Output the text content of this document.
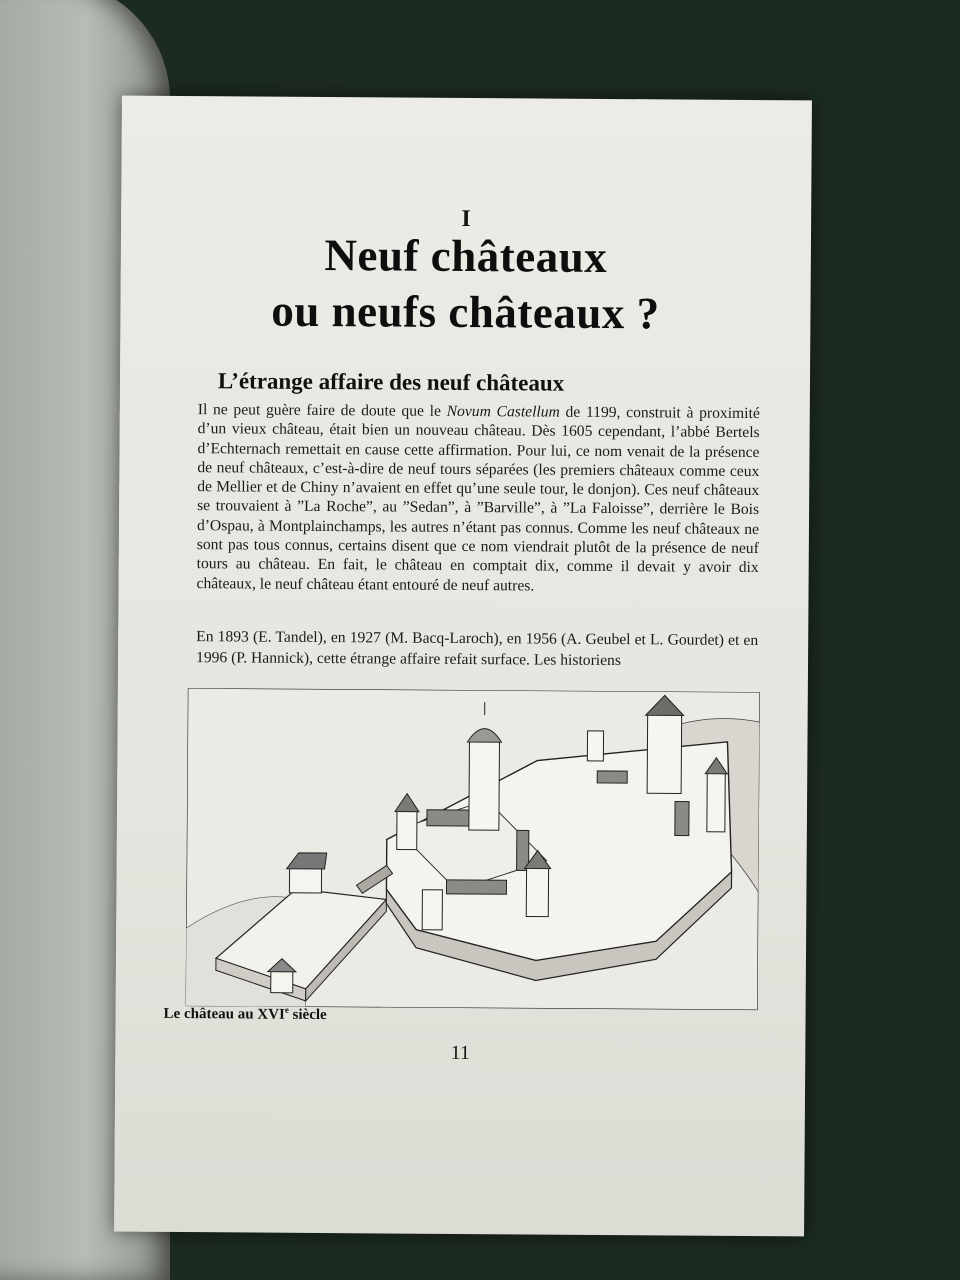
I
Neuf châteaux
ou neufs châteaux ?
L’étrange affaire des neuf châteaux

Il ne peut guère faire de doute que le Novum Castellum de 1199, construit à proximité d’un vieux château, était bien un nouveau château. Dès 1605 cependant, l’abbé Bertels d’Echternach remettait en cause cette affirmation. Pour lui, ce nom venait de la présence de neuf châteaux, c’est-à-dire de neuf tours séparées (les premiers châteaux comme ceux de Mellier et de Chiny n’avaient en effet qu’une seule tour, le donjon). Ces neuf châteaux se trouvaient à ”La Roche”, au ”Sedan”, à ”Barville”, à ”La Faloisse”, derrière le Bois d’Ospau, à Montplainchamps, les autres n’étant pas connus. Comme les neuf châteaux ne sont pas tous connus, certains disent que ce nom viendrait plutôt de la présence de neuf tours au château. En fait, le château en comptait dix, comme il devait y avoir dix châteaux, le neuf château étant entouré de neuf autres.

En 1893 (E. Tandel), en 1927 (M. Bacq-Laroch), en 1956 (A. Geubel et L. Gourdet) et en 1996 (P. Hannick), cette étrange affaire refait surface. Les historiens

Le château au XVIe siècle
11
